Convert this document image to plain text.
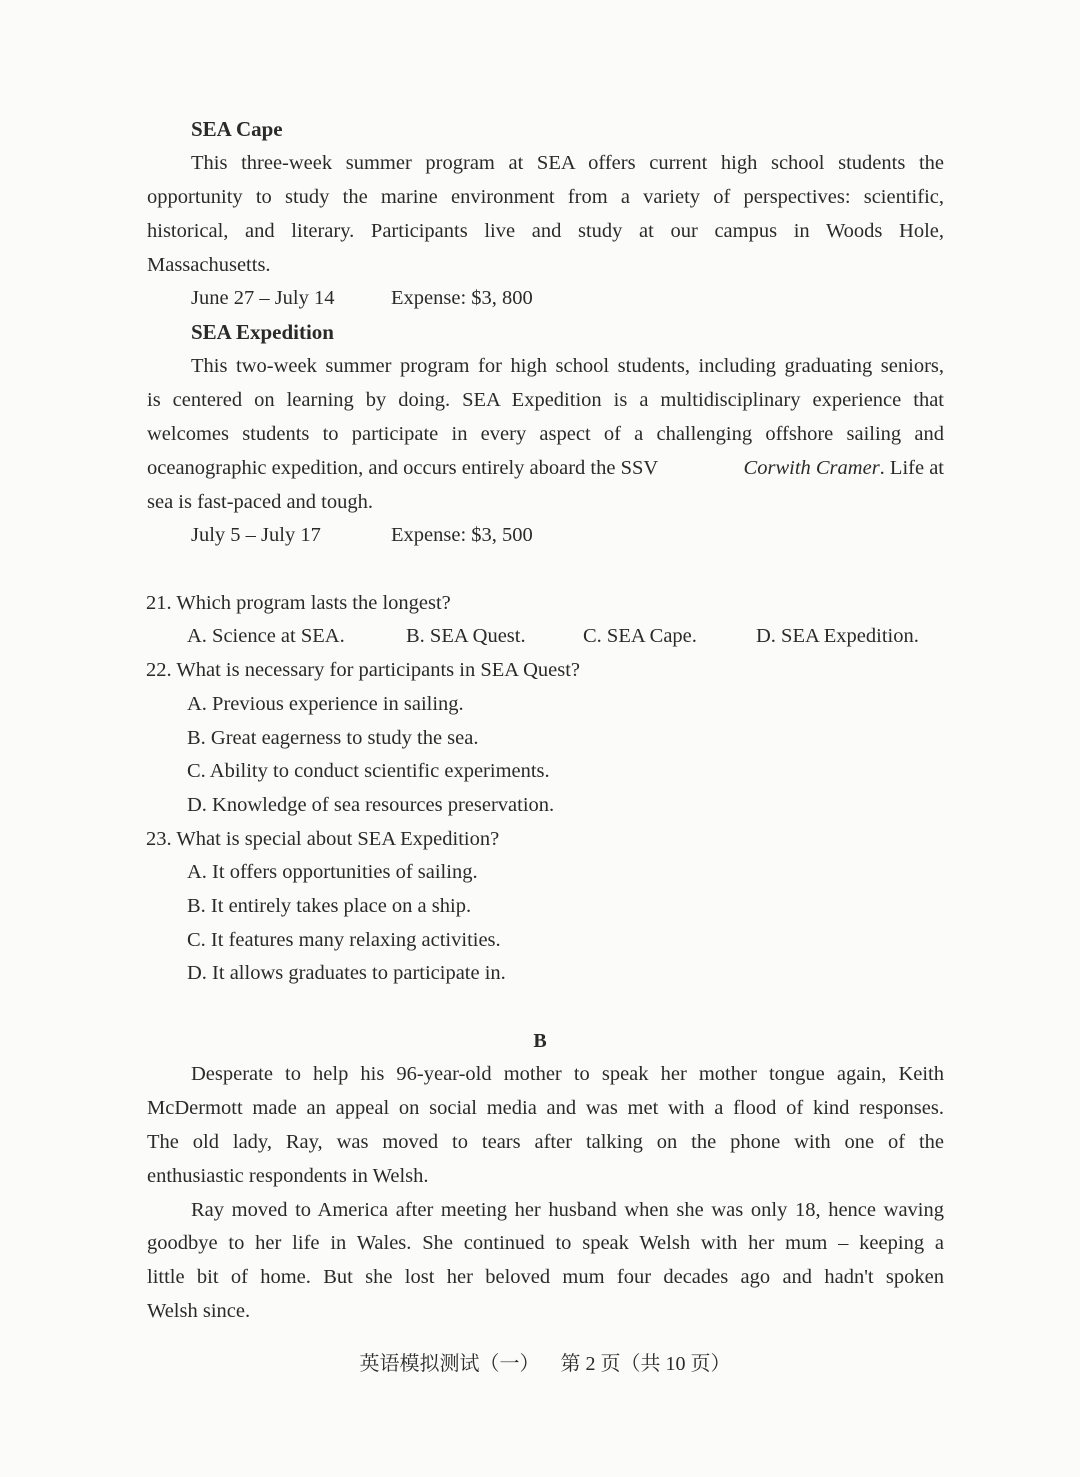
SEA Cape
This three-week summer program at SEA offers current high school students the
opportunity to study the marine environment from a variety of perspectives: scientific,
historical, and literary. Participants live and study at our campus in Woods Hole,
Massachusetts.
June 27 – July 14	Expense: $3, 800
SEA Expedition
This two-week summer program for high school students, including graduating seniors,
is centered on learning by doing. SEA Expedition is a multidisciplinary experience that
welcomes students to participate in every aspect of a challenging offshore sailing and
oceanographic expedition, and occurs entirely aboard the SSV	Corwith Cramer. Life at
sea is fast-paced and tough.
July 5 – July 17	Expense: $3, 500
21. Which program lasts the longest?
A. Science at SEA.	B. SEA Quest.	C. SEA Cape.	D. SEA Expedition.
22. What is necessary for participants in SEA Quest?
A. Previous experience in sailing.
B. Great eagerness to study the sea.
C. Ability to conduct scientific experiments.
D. Knowledge of sea resources preservation.
23. What is special about SEA Expedition?
A. It offers opportunities of sailing.
B. It entirely takes place on a ship.
C. It features many relaxing activities.
D. It allows graduates to participate in.
B
Desperate to help his 96-year-old mother to speak her mother tongue again, Keith
McDermott made an appeal on social media and was met with a flood of kind responses.
The old lady, Ray, was moved to tears after talking on the phone with one of the
enthusiastic respondents in Welsh.
Ray moved to America after meeting her husband when she was only 18, hence waving
goodbye to her life in Wales. She continued to speak Welsh with her mum – keeping a
little bit of home. But she lost her beloved mum four decades ago and hadn't spoken
Welsh since.
英语模拟测试（一） 第 2 页（共 10 页）
